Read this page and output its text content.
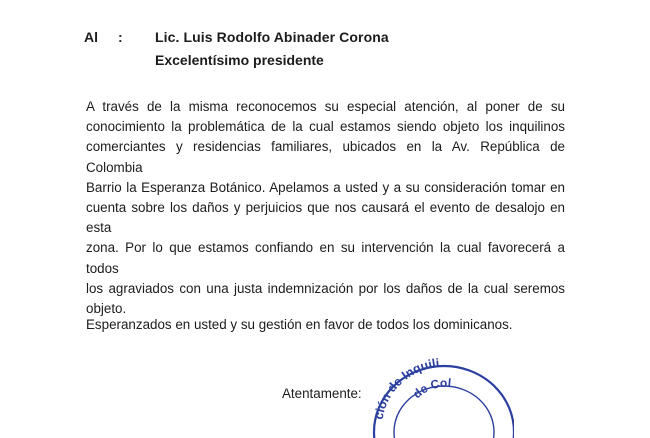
Al : Lic. Luis Rodolfo Abinader Corona
Excelentísimo presidente
A través de la misma reconocemos su especial atención, al poner de su
conocimiento la problemática de la cual estamos siendo objeto los inquilinos
comerciantes y residencias familiares, ubicados en la Av. República de Colombia
Barrio la Esperanza Botánico. Apelamos a usted y a su consideración tomar en
cuenta sobre los daños y perjuicios que nos causará el evento de desalojo en esta
zona. Por lo que estamos confiando en su intervención la cual favorecerá a todos
los agraviados con una justa indemnización por los daños de la cual seremos objeto.
Esperanzados en usted y su gestión en favor de todos los dominicanos.
Atentamente:
ción de Inquili
de Col
